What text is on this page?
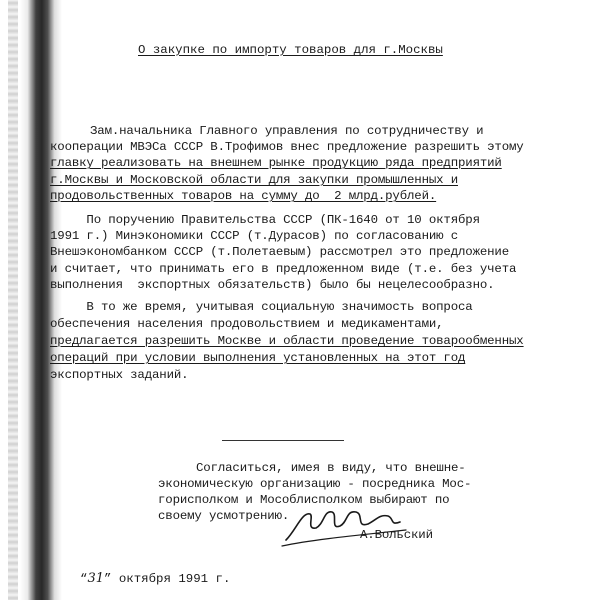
О закупке по импорту товаров для г.Москвы
Зам.начальника Главного управления по сотрудничеству и
кооперации МВЭСа СССР В.Трофимов внес предложение разрешить этому
главку реализовать на внешнем рынке продукцию ряда предприятий
г.Москвы и Московской области для закупки промышленных и
продовольственных товаров на сумму до  2 млрд.рублей.
По поручению Правительства СССР (ПК-1640 от 10 октября
1991 г.) Минэкономики СССР (т.Дурасов) по согласованию с
Внешэкономбанком СССР (т.Полетаевым) рассмотрел это предложение
и считает, что принимать его в предложенном виде (т.е. без учета
выполнения  экспортных обязательств) было бы нецелесообразно.
В то же время, учитывая социальную значимость вопроса
обеспечения населения продовольствием и медикаментами,
предлагается разрешить Москве и области проведение товарообменных
операций при условии выполнения установленных на этот год
экспортных заданий.
Согласиться, имея в виду, что внешне-
экономическую организацию - посредника Мос-
горисполком и Мособлисполком выбирают по
своему усмотрению.
А.Вольский
“31” октября 1991 г.
